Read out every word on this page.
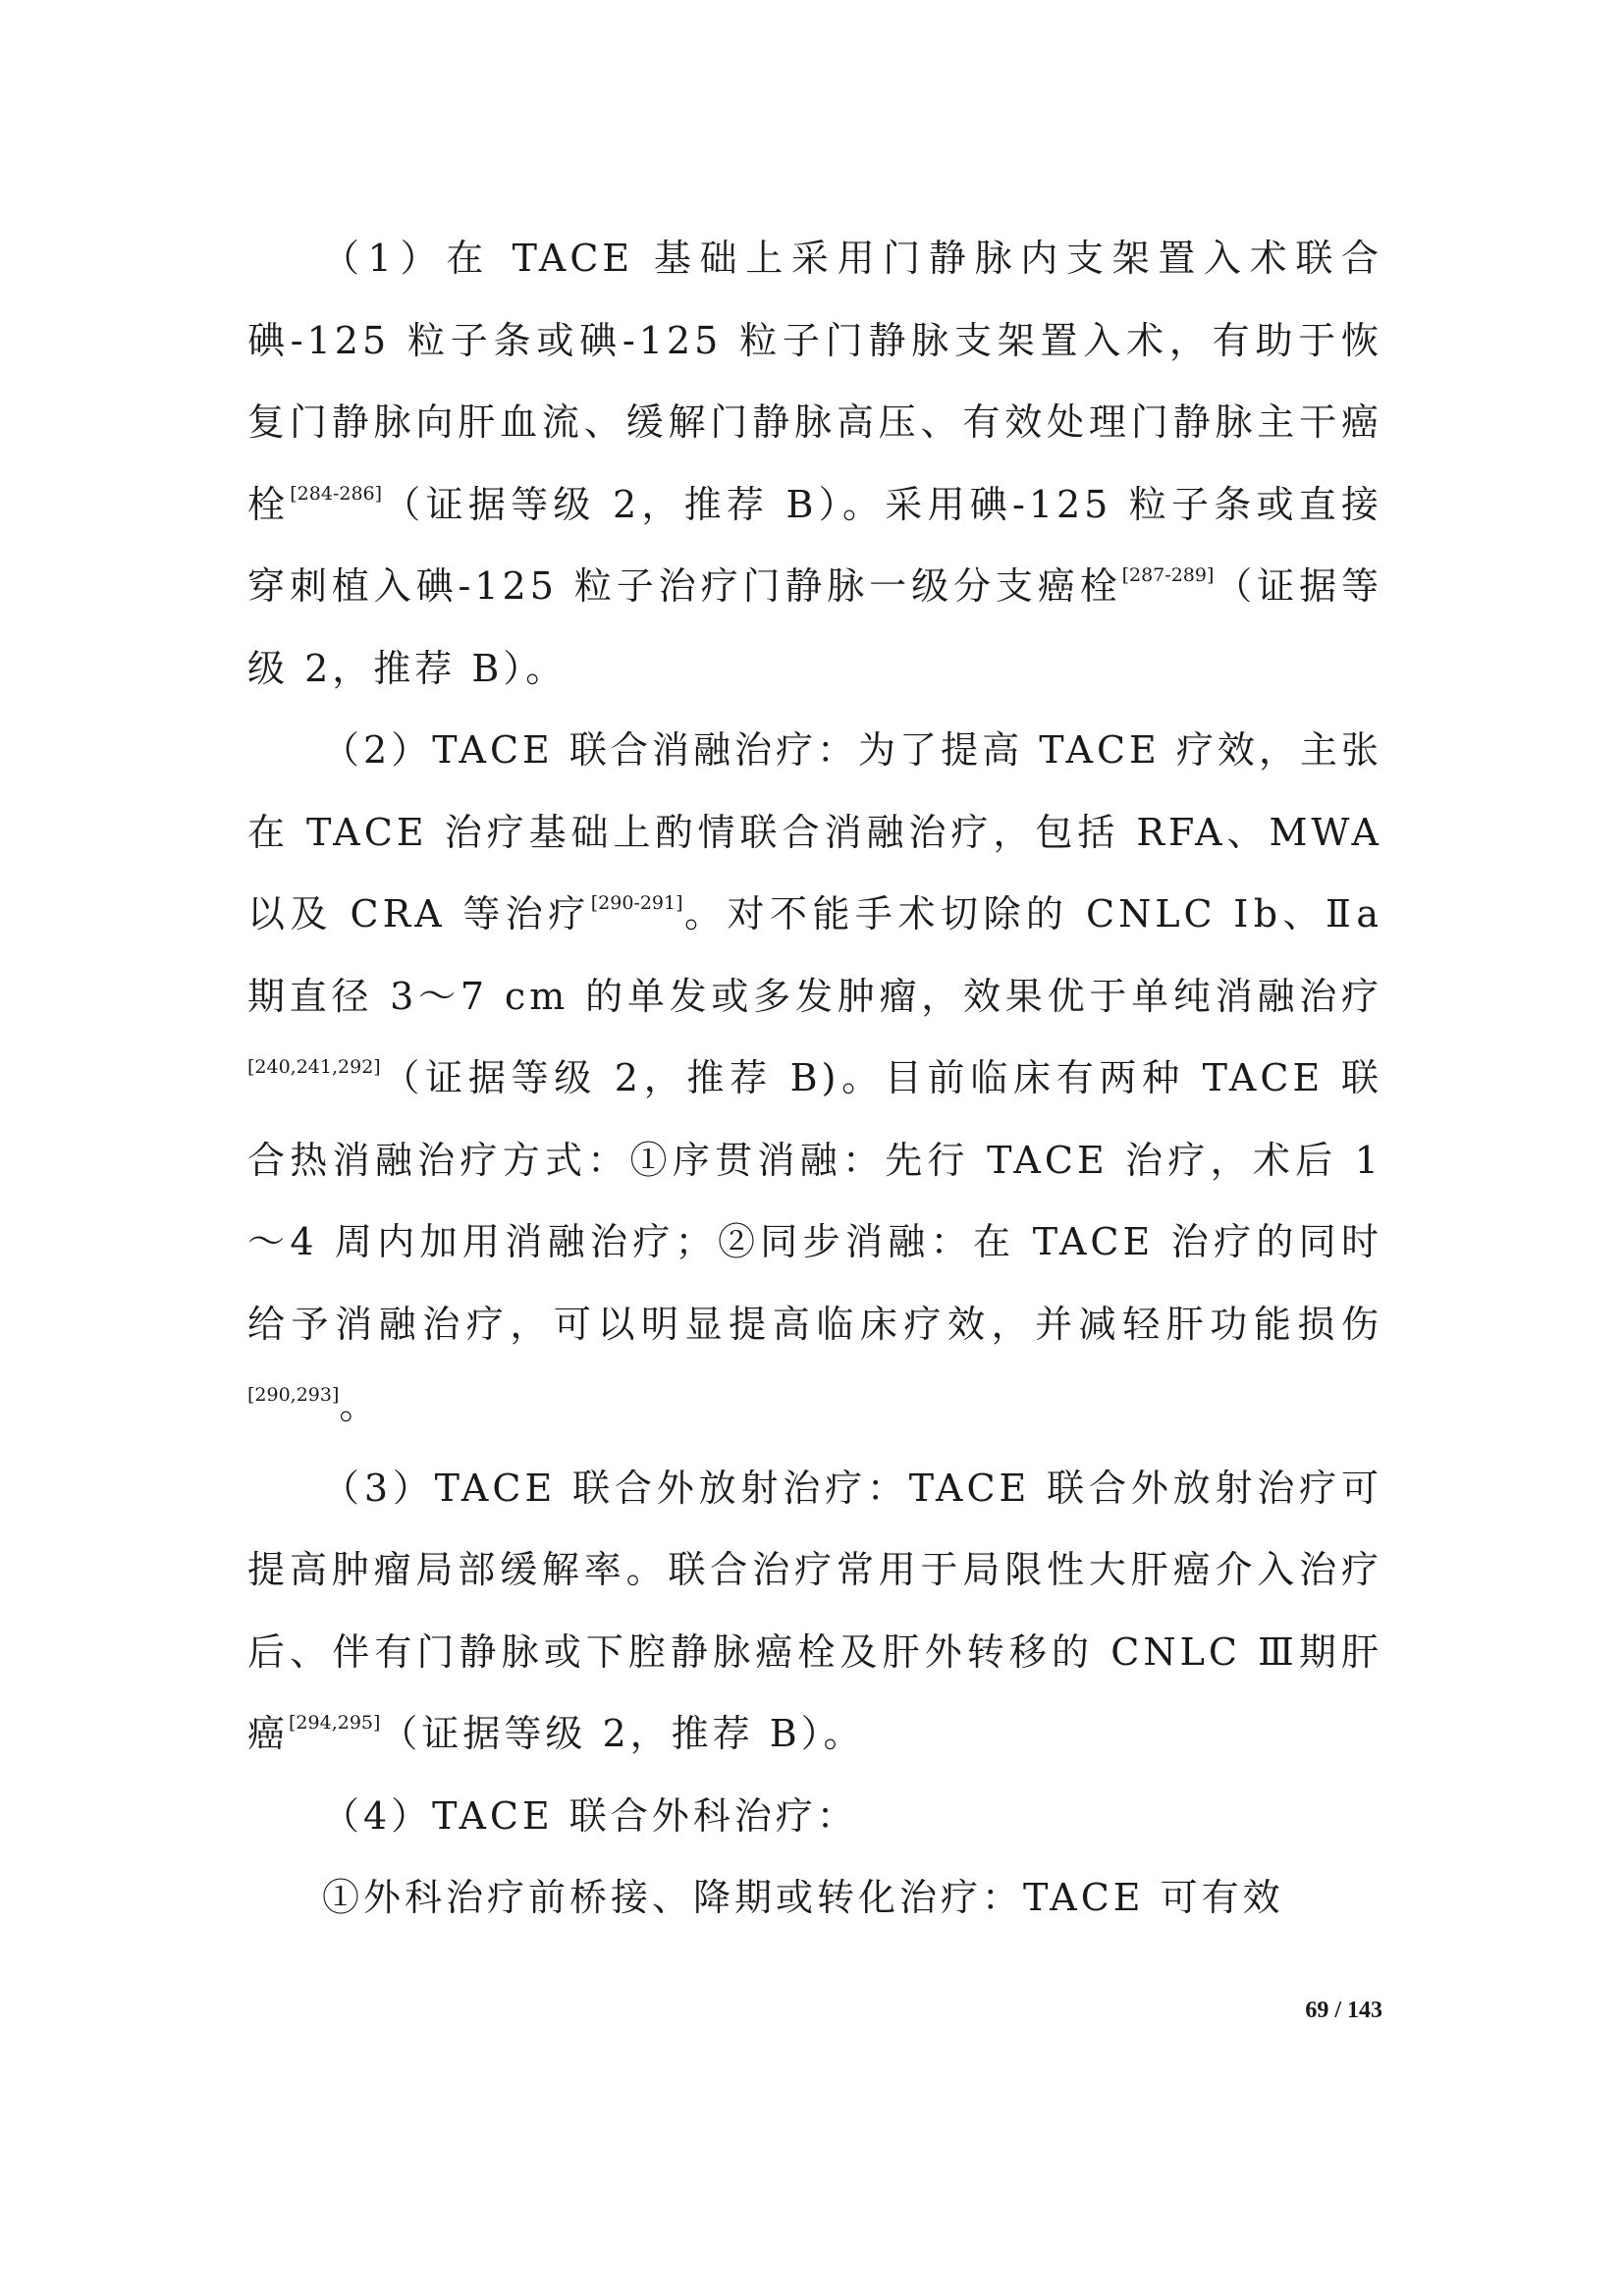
（1）在 TACE 基础上采用门静脉内支架置入术联合碘-125 粒子条或碘-125 粒子门静脉支架置入术，有助于恢复门静脉向肝血流、缓解门静脉高压、有效处理门静脉主干癌栓[284-286]（证据等级 2，推荐 B）。采用碘-125 粒子条或直接穿刺植入碘-125 粒子治疗门静脉一级分支癌栓[287-289]（证据等级 2，推荐 B）。

（2）TACE 联合消融治疗：为了提高 TACE 疗效，主张在 TACE 治疗基础上酌情联合消融治疗，包括 RFA、MWA 以及 CRA 等治疗[290-291]。对不能手术切除的 CNLC Ⅰb、Ⅱa 期直径 3～7 cm 的单发或多发肿瘤，效果优于单纯消融治疗[240,241,292]（证据等级 2，推荐 B)。目前临床有两种 TACE 联合热消融治疗方式：①序贯消融：先行 TACE 治疗，术后 1～4 周内加用消融治疗；②同步消融：在 TACE 治疗的同时给予消融治疗，可以明显提高临床疗效，并减轻肝功能损伤[290,293]。

（3）TACE 联合外放射治疗：TACE 联合外放射治疗可提高肿瘤局部缓解率。联合治疗常用于局限性大肝癌介入治疗后、伴有门静脉或下腔静脉癌栓及肝外转移的 CNLC Ⅲ期肝癌[294,295]（证据等级 2，推荐 B）。

（4）TACE 联合外科治疗：

①外科治疗前桥接、降期或转化治疗：TACE 可有效

69 / 143
